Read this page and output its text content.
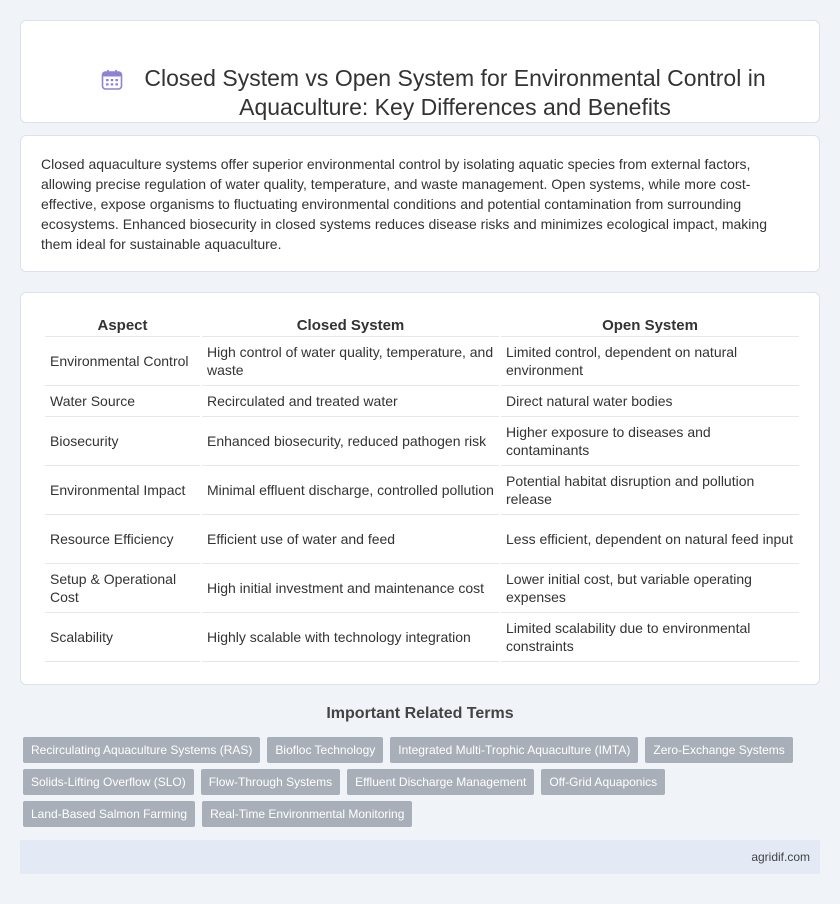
Closed System vs Open System for Environmental Control in Aquaculture: Key Differences and Benefits

Closed aquaculture systems offer superior environmental control by isolating aquatic species from external factors, allowing precise regulation of water quality, temperature, and waste management. Open systems, while more cost-effective, expose organisms to fluctuating environmental conditions and potential contamination from surrounding ecosystems. Enhanced biosecurity in closed systems reduces disease risks and minimizes ecological impact, making them ideal for sustainable aquaculture.

Aspect	Closed System	Open System
Environmental Control	High control of water quality, temperature, and waste	Limited control, dependent on natural environment
Water Source	Recirculated and treated water	Direct natural water bodies
Biosecurity	Enhanced biosecurity, reduced pathogen risk	Higher exposure to diseases and contaminants
Environmental Impact	Minimal effluent discharge, controlled pollution	Potential habitat disruption and pollution release
Resource Efficiency	Efficient use of water and feed	Less efficient, dependent on natural feed input
Setup & Operational Cost	High initial investment and maintenance cost	Lower initial cost, but variable operating expenses
Scalability	Highly scalable with technology integration	Limited scalability due to environmental constraints
Important Related Terms
Recirculating Aquaculture Systems (RAS)	Biofloc Technology	Integrated Multi-Trophic Aquaculture (IMTA)	Zero-Exchange Systems
Solids-Lifting Overflow (SLO)	Flow-Through Systems	Effluent Discharge Management	Off-Grid Aquaponics
Land-Based Salmon Farming	Real-Time Environmental Monitoring
agridif.com
